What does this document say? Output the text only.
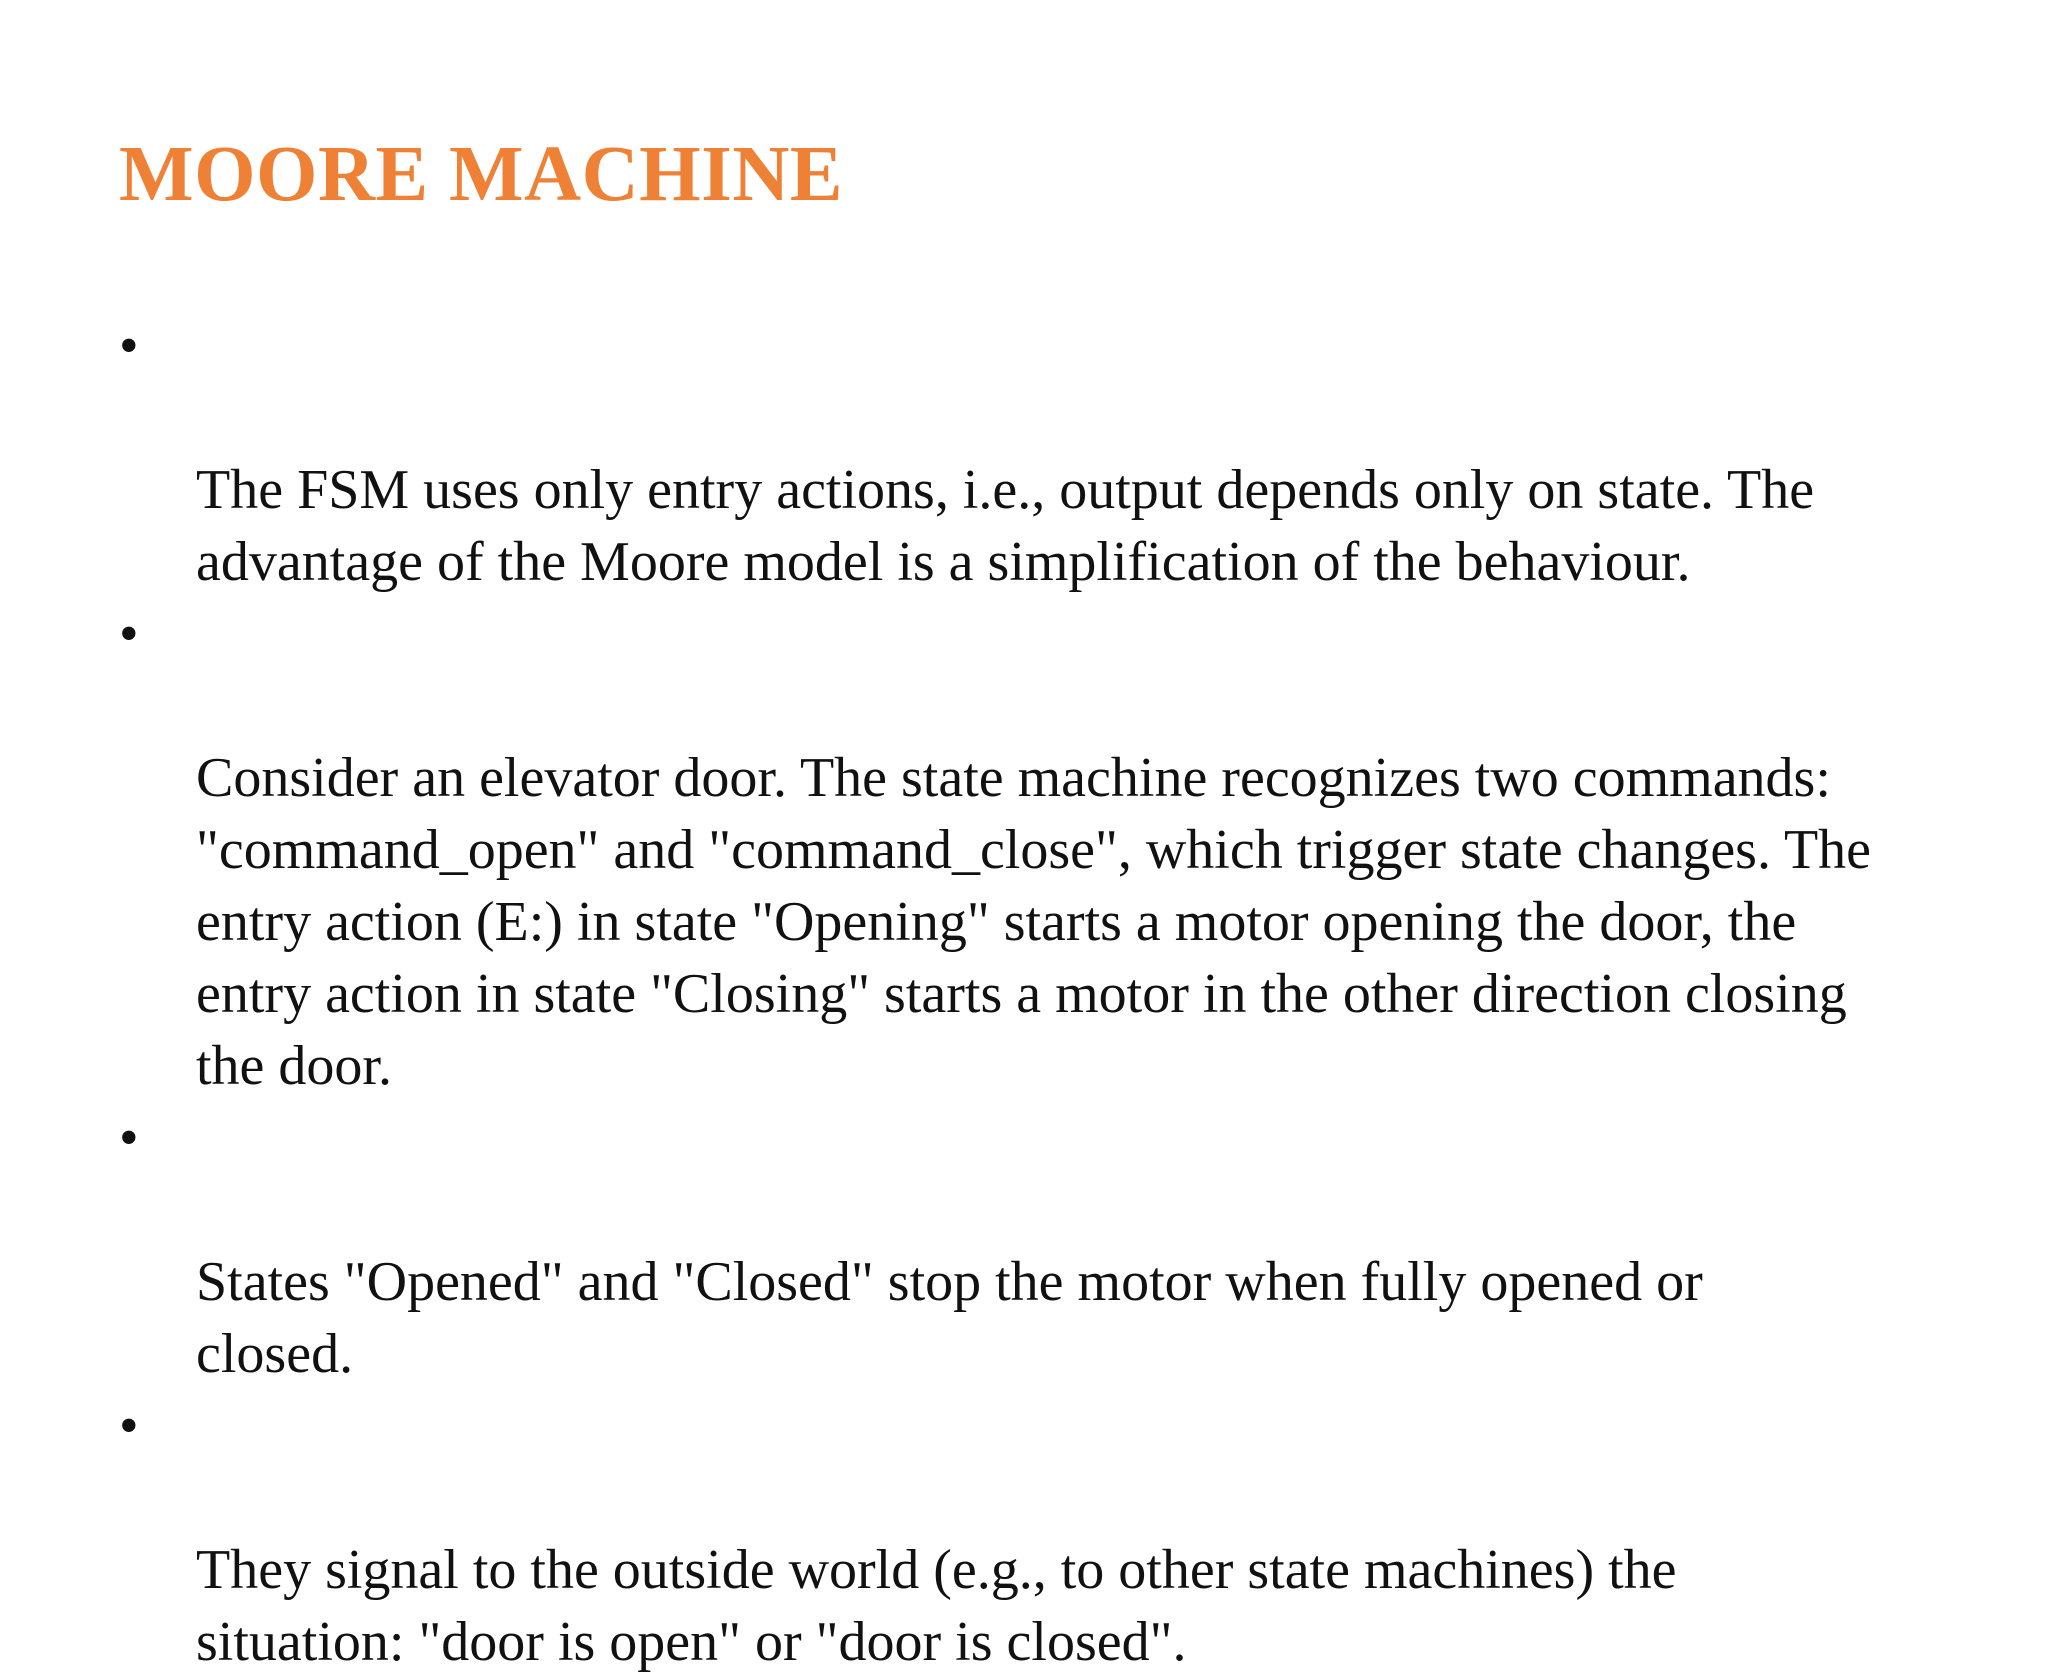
MOORE MACHINE

•

The FSM uses only entry actions, i.e., output depends only on state. The
advantage of the Moore model is a simplification of the behaviour.

•

Consider an elevator door. The state machine recognizes two commands:
"command_open" and "command_close", which trigger state changes. The
entry action (E:) in state "Opening" starts a motor opening the door, the
entry action in state "Closing" starts a motor in the other direction closing
the door.

•

States "Opened" and "Closed" stop the motor when fully opened or
closed.

•

They signal to the outside world (e.g., to other state machines) the
situation: "door is open" or "door is closed".
